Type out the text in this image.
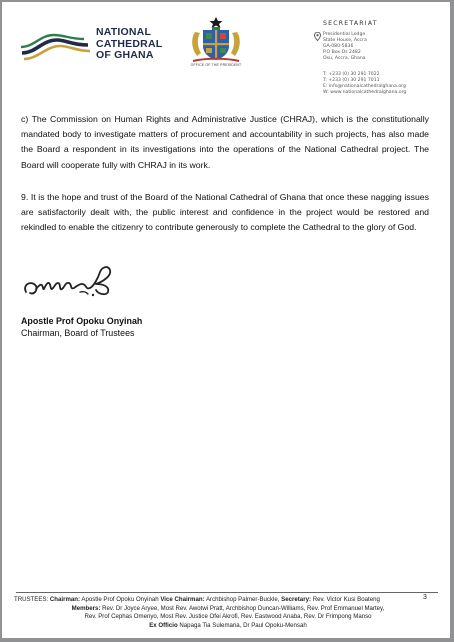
NATIONAL
CATHEDRAL
OF GHANA
OFFICE OF THE PRESIDENT
SECRETARIAT
Presidential Lodge
State House, Accra
GA-080-5836
P.O Box Os 2482
Osu, Accra, Ghana
T: +233 (0) 30 291 7022
T: +233 (0) 30 291 7011
E: info@nationalcathedralghana.org
W: www.nationalcathedralghana.org
c) The Commission on Human Rights and Administrative Justice (CHRAJ), which is the constitutionally mandated body to investigate matters of procurement and accountability in such projects, has also made the Board a respondent in its investigations into the operations of the National Cathedral project. The Board will cooperate fully with CHRAJ in its work.
9. It is the hope and trust of the Board of the National Cathedral of Ghana that once these nagging issues are satisfactorily dealt with, the public interest and confidence in the project would be restored and rekindled to enable the citizenry to contribute generously to complete the Cathedral to the glory of God.
Apostle Prof Opoku Onyinah
Chairman, Board of Trustees
TRUSTEES: Chairman: Apostle Prof Opoku Onyinah Vice Chairman: Archbishop Palmer-Buckle, Secretary: Rev. Victor Kusi Boateng
Members: Rev. Dr Joyce Aryee, Most Rev. Awotwi Pratt, Archbishop Duncan-Williams, Rev. Prof Emmanuel Martey,
Rev. Prof Cephas Omenyo, Most Rev. Justice Ofei Akrofi, Rev. Eastwood Anaba, Rev. Dr Frimpong Manso
Ex Officio Napaga Tia Sulemana, Dr Paul Opoku-Mensah
3
